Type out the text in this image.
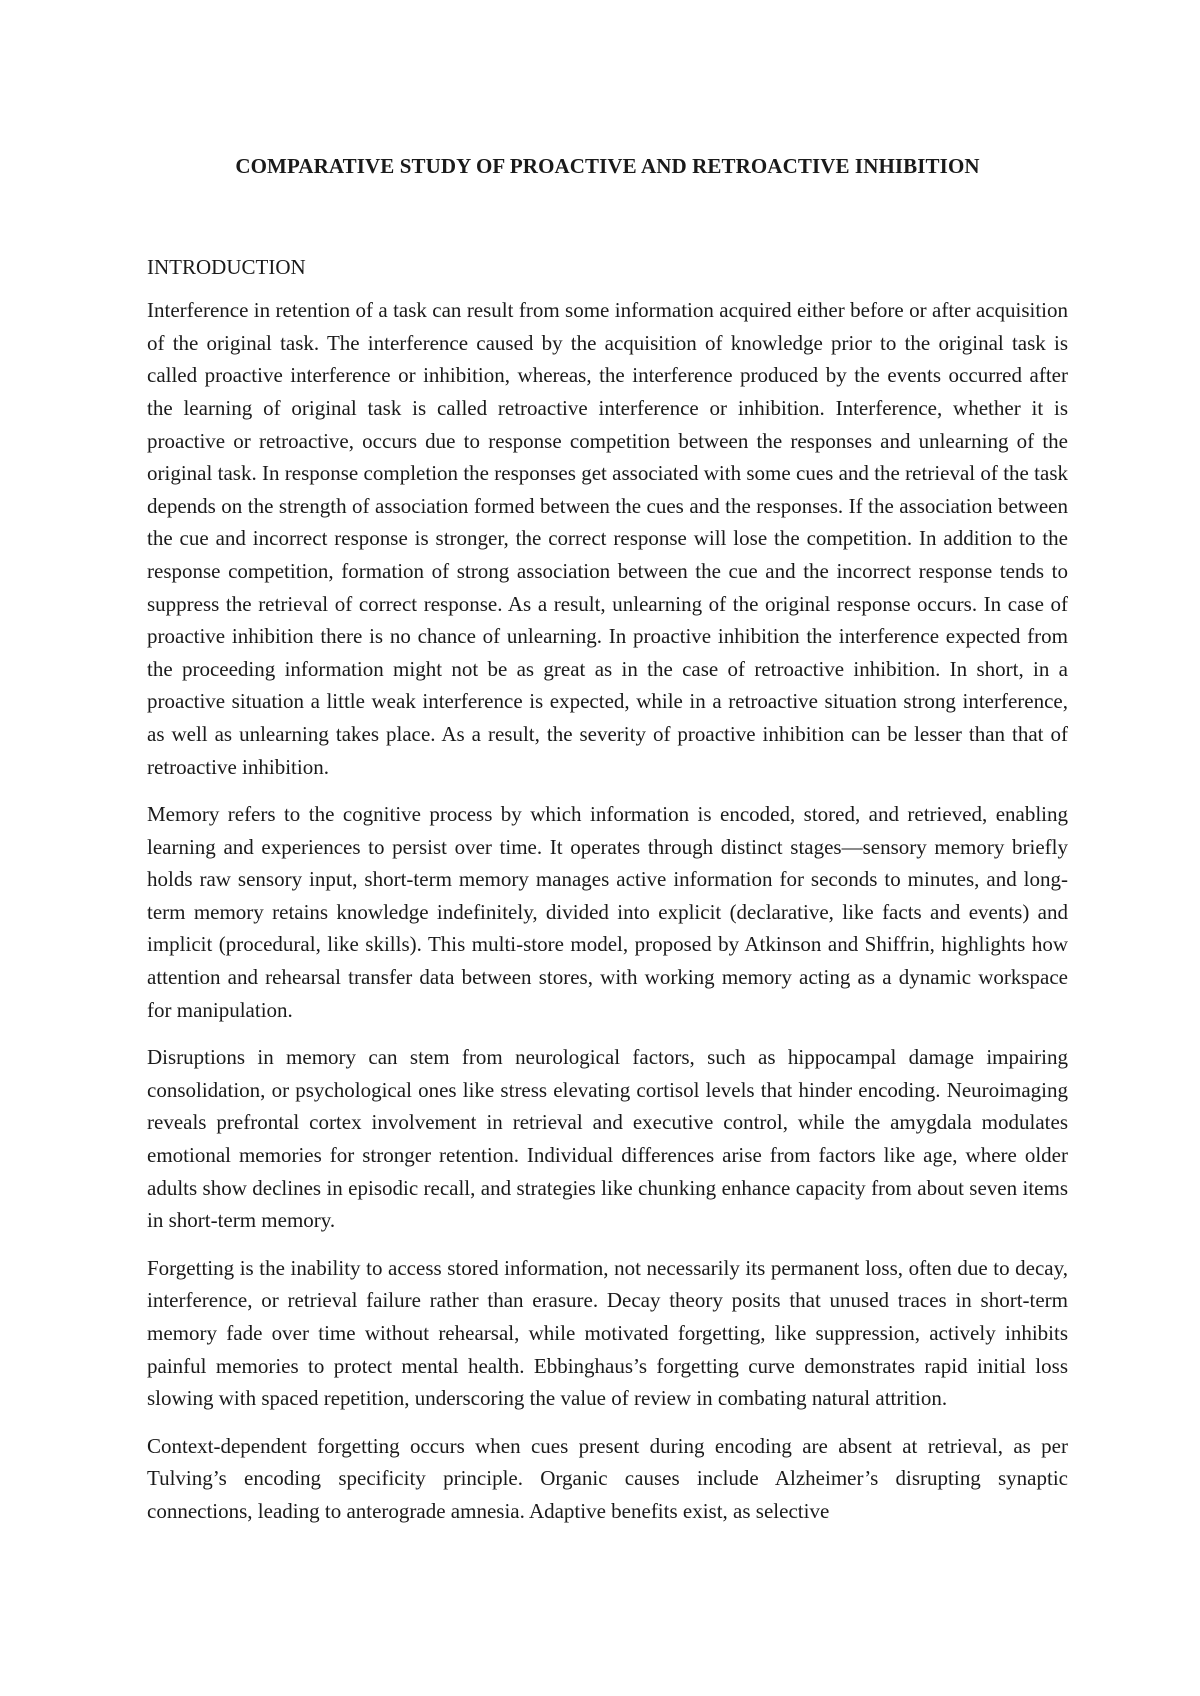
COMPARATIVE STUDY OF PROACTIVE AND RETROACTIVE INHIBITION
INTRODUCTION

Interference in retention of a task can result from some information acquired either before or after acquisition of the original task. The interference caused by the acquisition of knowledge prior to the original task is called proactive interference or inhibition, whereas, the interference produced by the events occurred after the learning of original task is called retroactive interference or inhibition. Interference, whether it is proactive or retroactive, occurs due to response competition between the responses and unlearning of the original task. In response completion the responses get associated with some cues and the retrieval of the task depends on the strength of association formed between the cues and the responses. If the association between the cue and incorrect response is stronger, the correct response will lose the competition. In addition to the response competition, formation of strong association between the cue and the incorrect response tends to suppress the retrieval of correct response. As a result, unlearning of the original response occurs. In case of proactive inhibition there is no chance of unlearning. In proactive inhibition the interference expected from the proceeding information might not be as great as in the case of retroactive inhibition. In short, in a proactive situation a little weak interference is expected, while in a retroactive situation strong interference, as well as unlearning takes place. As a result, the severity of proactive inhibition can be lesser than that of retroactive inhibition.

Memory refers to the cognitive process by which information is encoded, stored, and retrieved, enabling learning and experiences to persist over time. It operates through distinct stages—sensory memory briefly holds raw sensory input, short-term memory manages active information for seconds to minutes, and long-term memory retains knowledge indefinitely, divided into explicit (declarative, like facts and events) and implicit (procedural, like skills). This multi-store model, proposed by Atkinson and Shiffrin, highlights how attention and rehearsal transfer data between stores, with working memory acting as a dynamic workspace for manipulation.

Disruptions in memory can stem from neurological factors, such as hippocampal damage impairing consolidation, or psychological ones like stress elevating cortisol levels that hinder encoding. Neuroimaging reveals prefrontal cortex involvement in retrieval and executive control, while the amygdala modulates emotional memories for stronger retention. Individual differences arise from factors like age, where older adults show declines in episodic recall, and strategies like chunking enhance capacity from about seven items in short-term memory.

Forgetting is the inability to access stored information, not necessarily its permanent loss, often due to decay, interference, or retrieval failure rather than erasure. Decay theory posits that unused traces in short-term memory fade over time without rehearsal, while motivated forgetting, like suppression, actively inhibits painful memories to protect mental health. Ebbinghaus’s forgetting curve demonstrates rapid initial loss slowing with spaced repetition, underscoring the value of review in combating natural attrition.

Context-dependent forgetting occurs when cues present during encoding are absent at retrieval, as per Tulving’s encoding specificity principle. Organic causes include Alzheimer’s disrupting synaptic connections, leading to anterograde amnesia. Adaptive benefits exist, as selective
